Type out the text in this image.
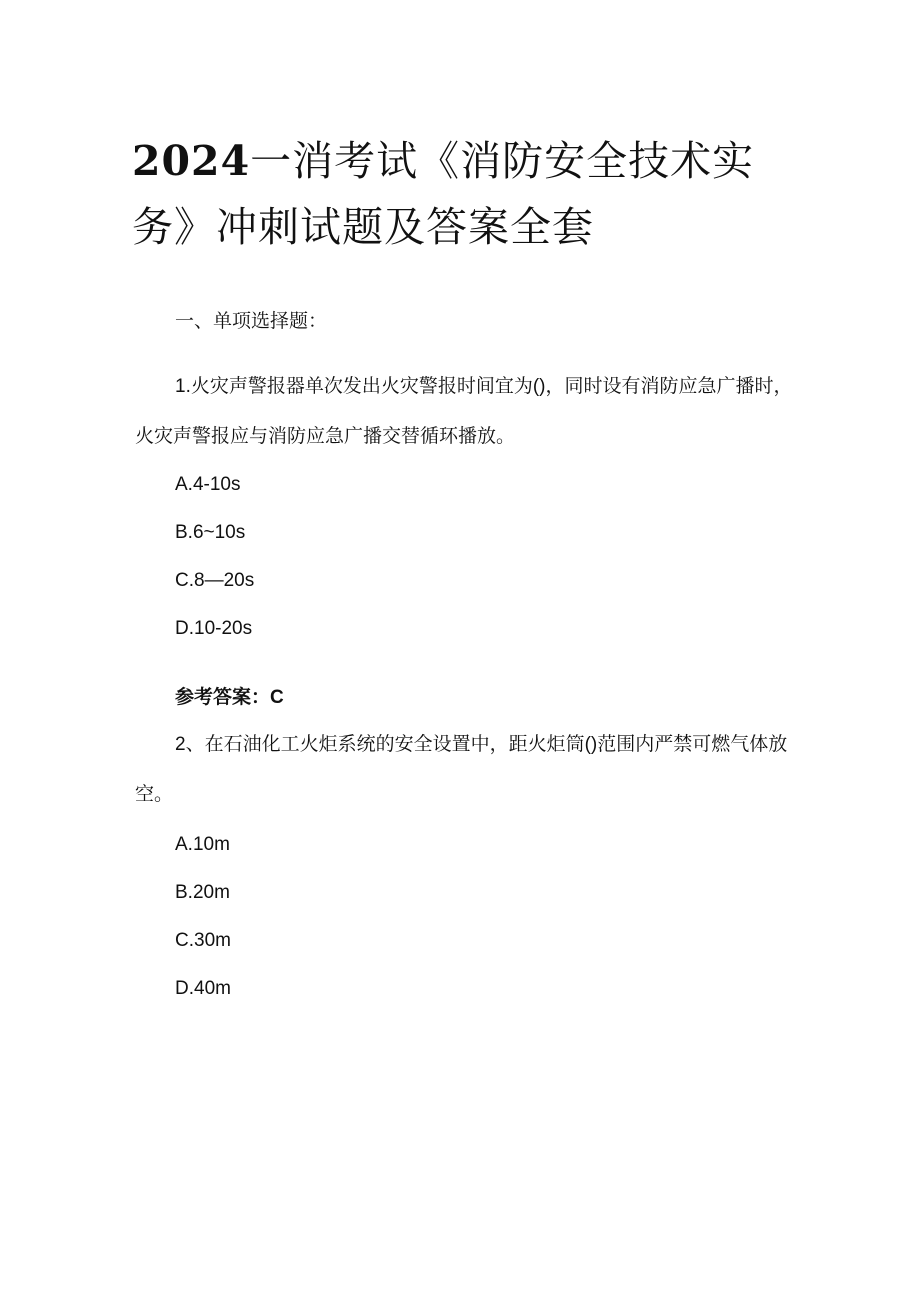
2024一消考试《消防安全技术实务》冲刺试题及答案全套

一、单项选择题：

1.火灾声警报器单次发出火灾警报时间宜为()，同时设有消防应急广播时，火灾声警报应与消防应急广播交替循环播放。

A.4-10s

B.6~10s

C.8—20s

D.10-20s

参考答案：C

2、在石油化工火炬系统的安全设置中，距火炬筒()范围内严禁可燃气体放空。

A.10m

B.20m

C.30m

D.40m
